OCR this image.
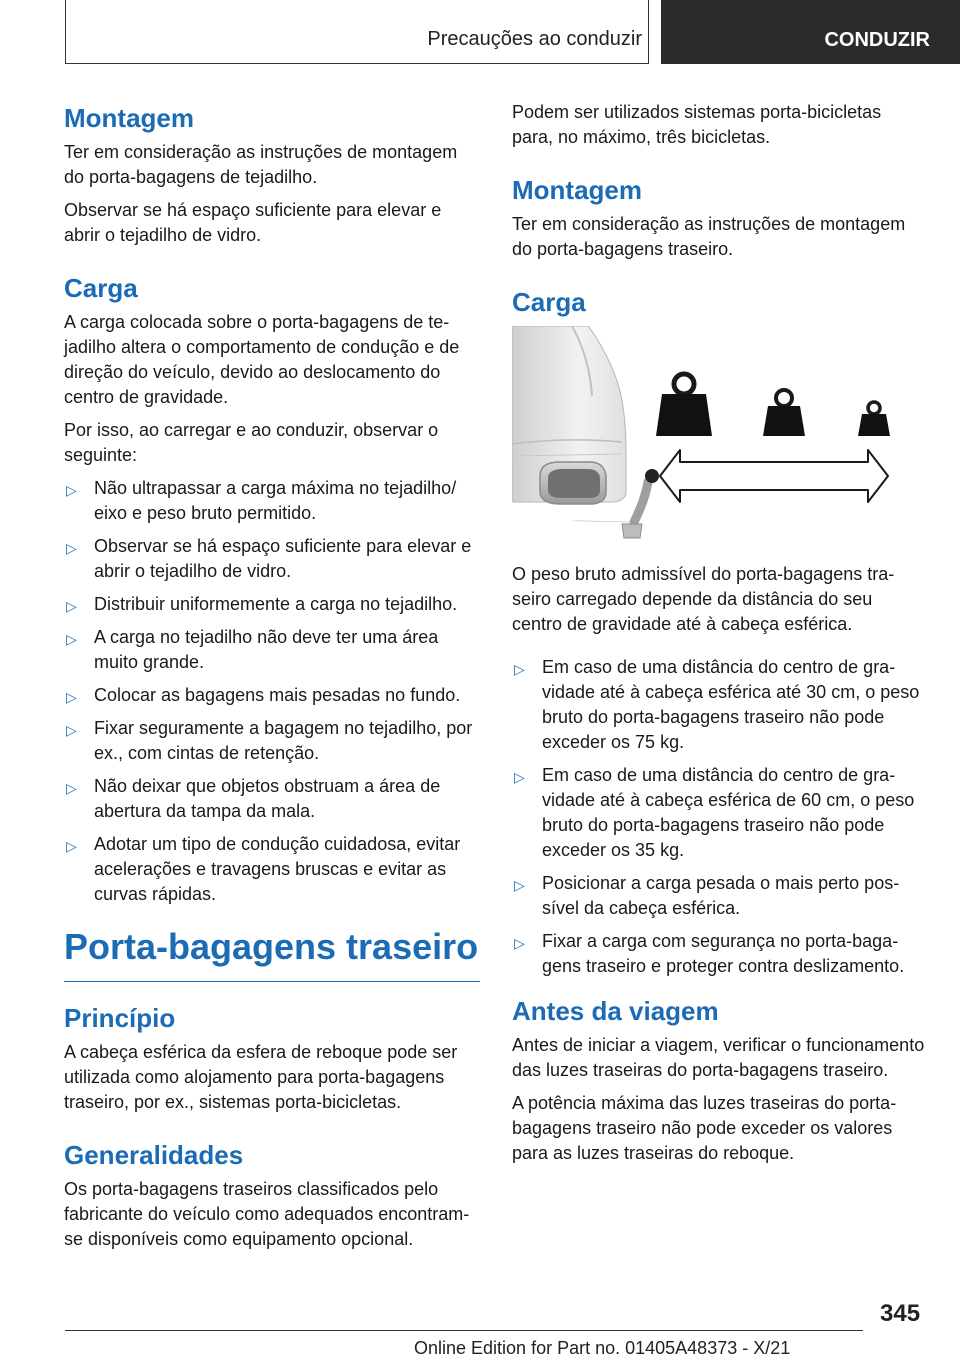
Precauções ao conduzir	CONDUZIR
Montagem

Ter em consideração as instruções de montagem do porta-bagagens de tejadilho.

Observar se há espaço suficiente para elevar e abrir o tejadilho de vidro.

Carga

A carga colocada sobre o porta-bagagens de tejadilho altera o comportamento de condução e de direção do veículo, devido ao deslocamento do centro de gravidade.

Por isso, ao carregar e ao conduzir, observar o seguinte:

▷ Não ultrapassar a carga máxima no tejadilho/ eixo e peso bruto permitido.
▷ Observar se há espaço suficiente para elevar e abrir o tejadilho de vidro.
▷ Distribuir uniformemente a carga no tejadilho.
▷ A carga no tejadilho não deve ter uma área muito grande.
▷ Colocar as bagagens mais pesadas no fundo.
▷ Fixar seguramente a bagagem no tejadilho, por ex., com cintas de retenção.
▷ Não deixar que objetos obstruam a área de abertura da tampa da mala.
▷ Adotar um tipo de condução cuidadosa, evitar acelerações e travagens bruscas e evitar as curvas rápidas.
Porta-bagagens traseiro
Princípio

A cabeça esférica da esfera de reboque pode ser utilizada como alojamento para porta-bagagens traseiro, por ex., sistemas porta-bicicletas.

Generalidades

Os porta-bagagens traseiros classificados pelo fabricante do veículo como adequados encontram-se disponíveis como equipamento opcional.

Podem ser utilizados sistemas porta-bicicletas para, no máximo, três bicicletas.

Montagem

Ter em consideração as instruções de montagem do porta-bagagens traseiro.

Carga

O peso bruto admissível do porta-bagagens traseiro carregado depende da distância do seu centro de gravidade até à cabeça esférica.

▷ Em caso de uma distância do centro de gravidade até à cabeça esférica até 30 cm, o peso bruto do porta-bagagens traseiro não pode exceder os 75 kg.
▷ Em caso de uma distância do centro de gravidade até à cabeça esférica de 60 cm, o peso bruto do porta-bagagens traseiro não pode exceder os 35 kg.
▷ Posicionar a carga pesada o mais perto possível da cabeça esférica.
▷ Fixar a carga com segurança no porta-bagagens traseiro e proteger contra deslizamento.
Antes da viagem

Antes de iniciar a viagem, verificar o funcionamento das luzes traseiras do porta-bagagens traseiro.

A potência máxima das luzes traseiras do porta-bagagens traseiro não pode exceder os valores para as luzes traseiras do reboque.

345
Online Edition for Part no. 01405A48373 - X/21
